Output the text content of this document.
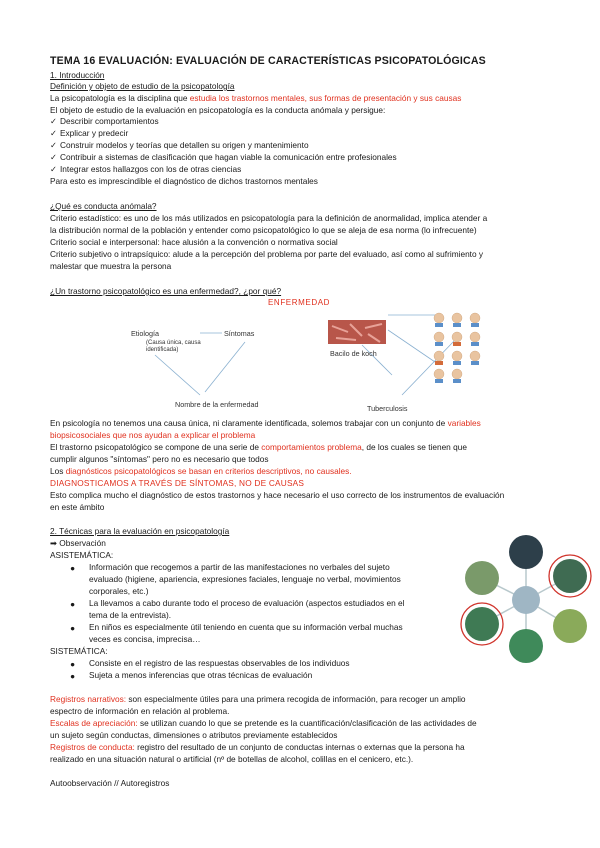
TEMA 16 EVALUACIÓN: EVALUACIÓN DE CARACTERÍSTICAS PSICOPATOLÓGICAS
1. Introducción
Definición y objeto de estudio de la psicopatología
La psicopatología es la disciplina que estudia los trastornos mentales, sus formas de presentación y sus causas
El objeto de estudio de la evaluación en psicopatología es la conducta anómala y persigue:
✓ Describir comportamientos
✓ Explicar y predecir
✓ Construir modelos y teorías que detallen su origen y mantenimiento
✓ Contribuir a sistemas de clasificación que hagan viable la comunicación entre profesionales
✓ Integrar estos hallazgos con los de otras ciencias
Para esto es imprescindible el diagnóstico de dichos trastornos mentales
¿Qué es conducta anómala?
Criterio estadístico: es uno de los más utilizados en psicopatología para la definición de anormalidad, implica atender a
la distribución normal de la población y entender como psicopatológico lo que se aleja de esa norma (lo infrecuente)
Criterio social e interpersonal: hace alusión a la convención o normativa social
Criterio subjetivo o intrapsíquico: alude a la percepción del problema por parte del evaluado, así como al sufrimiento y
malestar que muestra la persona
¿Un trastorno psicopatológico es una enfermedad?, ¿por qué?
ENFERMEDAD
Etiología
(Causa única, causa
identificada)
Síntomas
Nombre de la enfermedad
Bacilo de koch
Tuberculosis
En psicología no tenemos una causa única, ni claramente identificada, solemos trabajar con un conjunto de variables
biopsicosociales que nos ayudan a explicar el problema
El trastorno psicopatológico se compone de una serie de comportamientos problema, de los cuales se tienen que
cumplir algunos "síntomas" pero no es necesario que todos
Los diagnósticos psicopatológicos se basan en criterios descriptivos, no causales.
DIAGNOSTICAMOS A TRAVÉS DE SÍNTOMAS, NO DE CAUSAS
Esto complica mucho el diagnóstico de estos trastornos y hace necesario el uso correcto de los instrumentos de evaluación
en este ámbito
2. Técnicas para la evaluación en psicopatología
➡ Observación
ASISTEMÁTICA:
● Información que recogemos a partir de las manifestaciones no verbales del sujeto
evaluado (higiene, apariencia, expresiones faciales, lenguaje no verbal, movimientos
corporales, etc.)
● La llevamos a cabo durante todo el proceso de evaluación (aspectos estudiados en el
tema de la entrevista).
● En niños es especialmente útil teniendo en cuenta que su información verbal muchas
veces es concisa, imprecisa…
SISTEMÁTICA:
● Consiste en el registro de las respuestas observables de los individuos
● Sujeta a menos inferencias que otras técnicas de evaluación
Registros narrativos: son especialmente útiles para una primera recogida de información, para recoger un amplio
espectro de información en relación al problema.
Escalas de apreciación: se utilizan cuando lo que se pretende es la cuantificación/clasificación de las actividades de
un sujeto según conductas, dimensiones o atributos previamente establecidos
Registros de conducta: registro del resultado de un conjunto de conductas internas o externas que la persona ha
realizado en una situación natural o artificial (nº de botellas de alcohol, colillas en el cenicero, etc.).
Autoobservación // Autoregistros
